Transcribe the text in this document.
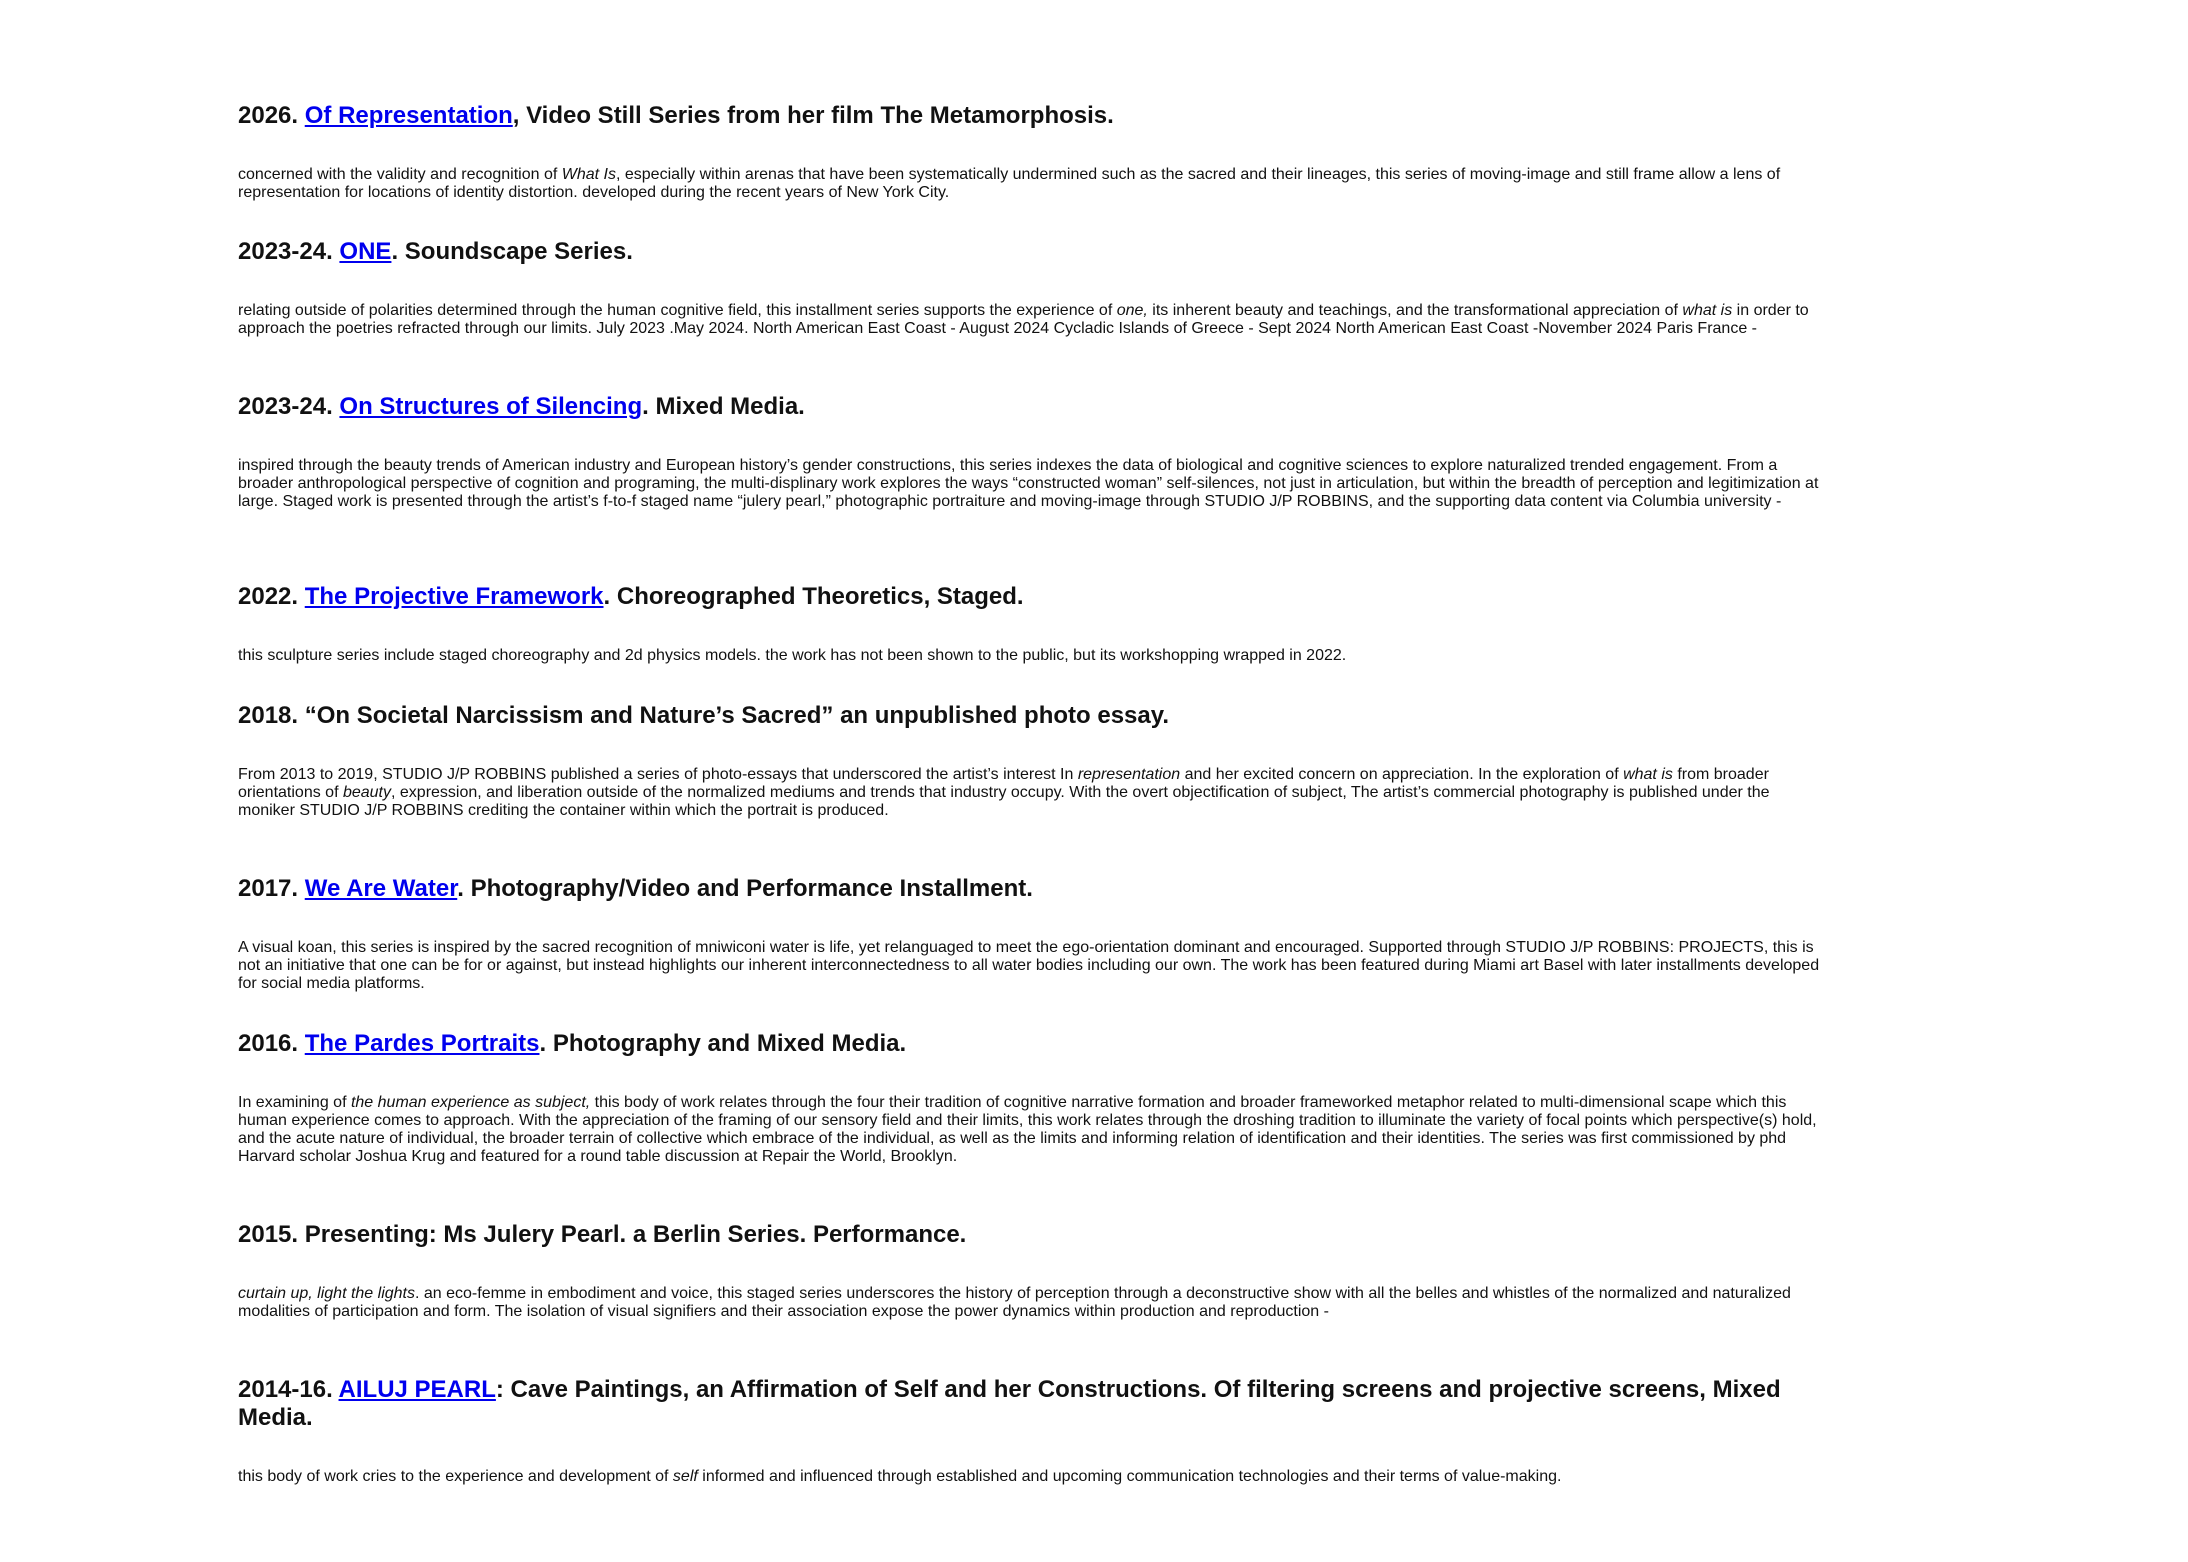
2026. Of Representation, Video Still Series from her film The Metamorphosis.

concerned with the validity and recognition of What Is, especially within arenas that have been systematically undermined such as the sacred and their lineages, this series of moving-image and still frame allow a lens of representation for locations of identity distortion. developed during the recent years of New York City.

2023-24. ONE. Soundscape Series.

relating outside of polarities determined through the human cognitive field, this installment series supports the experience of one, its inherent beauty and teachings, and the transformational appreciation of what is in order to approach the poetries refracted through our limits. July 2023 .May 2024. North American East Coast - August 2024 Cycladic Islands of Greece - Sept 2024 North American East Coast -November 2024 Paris France -

2023-24. On Structures of Silencing. Mixed Media.

inspired through the beauty trends of American industry and European history’s gender constructions, this series indexes the data of biological and cognitive sciences to explore naturalized trended engagement. From a broader anthropological perspective of cognition and programing, the multi-displinary work explores the ways “constructed woman” self-silences, not just in articulation, but within the breadth of perception and legitimization at large. Staged work is presented through the artist’s f-to-f staged name “julery pearl,” photographic portraiture and moving-image through STUDIO J/P ROBBINS, and the supporting data content via Columbia university -

2022. The Projective Framework. Choreographed Theoretics, Staged.

this sculpture series include staged choreography and 2d physics models. the work has not been shown to the public, but its workshopping wrapped in 2022.

2018. “On Societal Narcissism and Nature’s Sacred” an unpublished photo essay.

From 2013 to 2019, STUDIO J/P ROBBINS published a series of photo-essays that underscored the artist’s interest In representation and her excited concern on appreciation. In the exploration of what is from broader orientations of beauty, expression, and liberation outside of the normalized mediums and trends that industry occupy. With the overt objectification of subject, The artist’s commercial photography is published under the moniker STUDIO J/P ROBBINS crediting the container within which the portrait is produced.

2017. We Are Water. Photography/Video and Performance Installment.

A visual koan, this series is inspired by the sacred recognition of mniwiconi water is life, yet relanguaged to meet the ego-orientation dominant and encouraged. Supported through STUDIO J/P ROBBINS: PROJECTS, this is not an initiative that one can be for or against, but instead highlights our inherent interconnectedness to all water bodies including our own. The work has been featured during Miami art Basel with later installments developed for social media platforms.

2016. The Pardes Portraits. Photography and Mixed Media.

In examining of the human experience as subject, this body of work relates through the four their tradition of cognitive narrative formation and broader frameworked metaphor related to multi-dimensional scape which this human experience comes to approach. With the appreciation of the framing of our sensory field and their limits, this work relates through the droshing tradition to illuminate the variety of focal points which perspective(s) hold, and the acute nature of individual, the broader terrain of collective which embrace of the individual, as well as the limits and informing relation of identification and their identities. The series was first commissioned by phd Harvard scholar Joshua Krug and featured for a round table discussion at Repair the World, Brooklyn.

2015. Presenting: Ms Julery Pearl. a Berlin Series. Performance.

curtain up, light the lights. an eco-femme in embodiment and voice, this staged series underscores the history of perception through a deconstructive show with all the belles and whistles of the normalized and naturalized modalities of participation and form. The isolation of visual signifiers and their association expose the power dynamics within production and reproduction -

2014-16. AILUJ PEARL: Cave Paintings, an Affirmation of Self and her Constructions. Of filtering screens and projective screens, Mixed Media.

this body of work cries to the experience and development of self informed and influenced through established and upcoming communication technologies and their terms of value-making.
